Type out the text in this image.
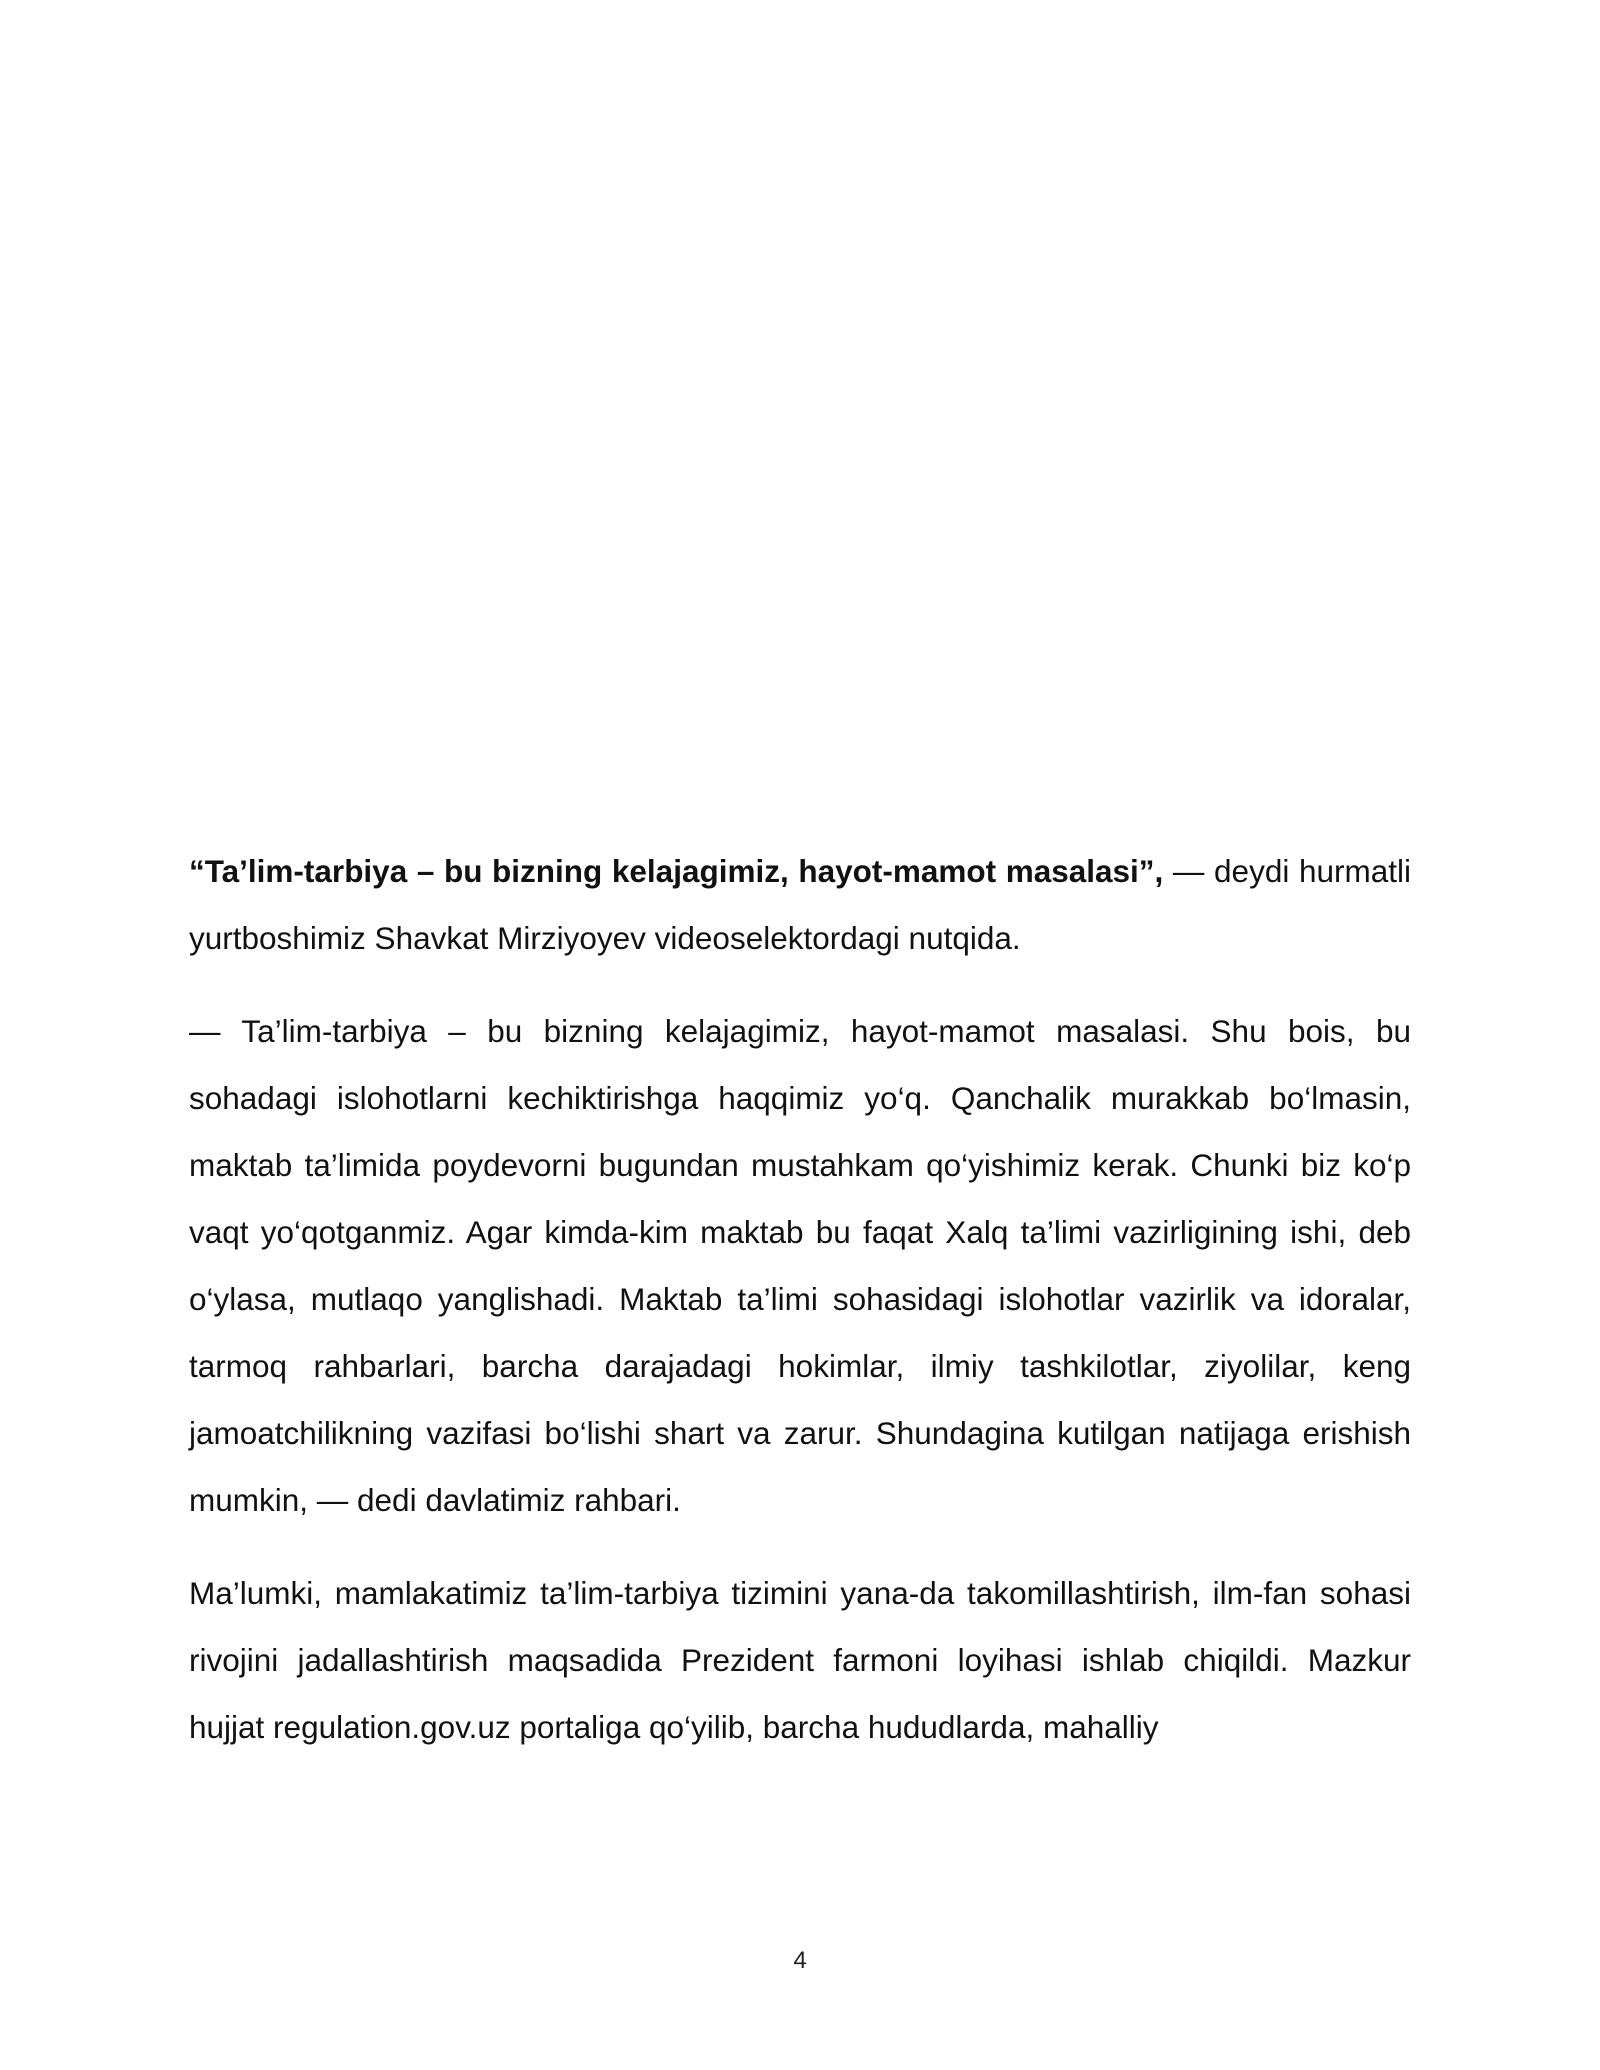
“Ta’lim-tarbiya – bu bizning kelajagimiz, hayot-mamot masalasi”, — deydi hurmatli yurtboshimiz Shavkat Mirziyoyev videoselektordagi nutqida.

— Ta’lim-tarbiya – bu bizning kelajagimiz, hayot-mamot masalasi. Shu bois, bu sohadagi islohotlarni kechiktirishga haqqimiz yo‘q. Qanchalik murakkab bo‘lmasin, maktab ta’limida poydevorni bugundan mustahkam qo‘yishimiz kerak. Chunki biz ko‘p vaqt yo‘qotganmiz. Agar kimda-kim maktab bu faqat Xalq ta’limi vazirligining ishi, deb o‘ylasa, mutlaqo yanglishadi. Maktab ta’limi sohasidagi islohotlar vazirlik va idoralar, tarmoq rahbarlari, barcha darajadagi hokimlar, ilmiy tashkilotlar, ziyolilar, keng jamoatchilikning vazifasi bo‘lishi shart va zarur. Shundagina kutilgan natijaga erishish mumkin, — dedi davlatimiz rahbari.

Ma’lumki, mamlakatimiz ta’lim-tarbiya tizimini yana-da takomillashtirish, ilm-fan sohasi rivojini jadallashtirish maqsadida Prezident farmoni loyihasi ishlab chiqildi. Mazkur hujjat regulation.gov.uz portaliga qo‘yilib, barcha hududlarda, mahalliy

4
